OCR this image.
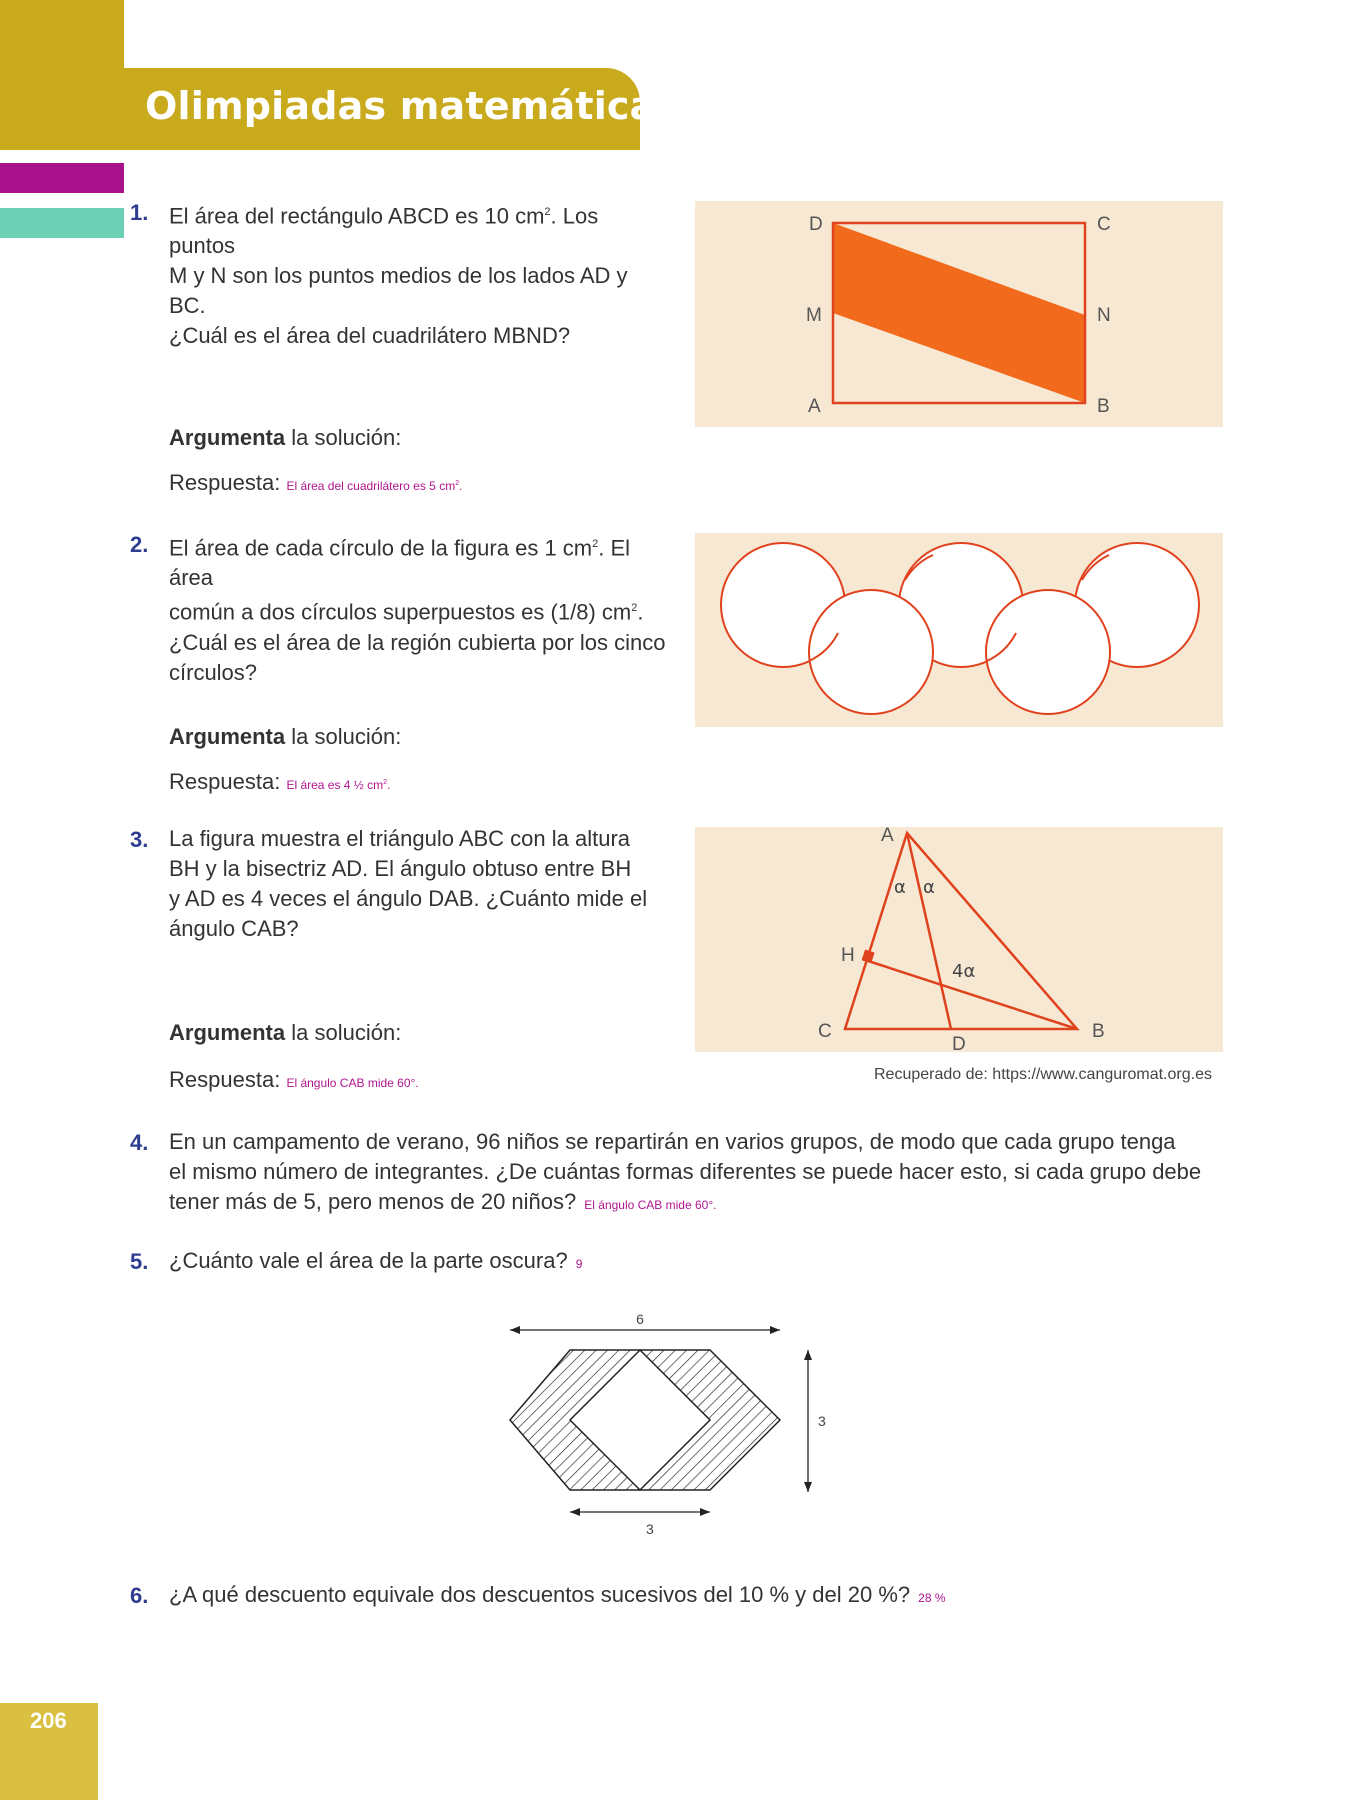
Olimpiadas matemáticas
1. El área del rectángulo ABCD es 10 $cm^2$. Los puntos
M y N son los puntos medios de los lados AD y BC.
¿Cuál es el área del cuadrilátero MBND?
D	C
M	N
A	B
Argumenta la solución:
Respuesta: El área del cuadrilátero es 5 $cm^2$.
2. El área de cada círculo de la figura es 1 $cm^2$. El área
común a dos círculos superpuestos es (1/8) $cm^2$.
¿Cuál es el área de la región cubierta por los cinco
círculos?
Argumenta la solución:
Respuesta: El área es 4 ½ $cm^2$.
3. La figura muestra el triángulo ABC con la altura
BH y la bisectriz AD. El ángulo obtuso entre BH
y AD es 4 veces el ángulo DAB. ¿Cuánto mide el
ángulo CAB?
A
α α
H
4α
C	B
D
Argumenta la solución:
Respuesta: El ángulo CAB mide 60°.	Recuperado de: https://www.canguromat.org.es
4. En un campamento de verano, 96 niños se repartirán en varios grupos, de modo que cada grupo tenga
el mismo número de integrantes. ¿De cuántas formas diferentes se puede hacer esto, si cada grupo debe
tener más de 5, pero menos de 20 niños? El ángulo CAB mide 60°.
5. ¿Cuánto vale el área de la parte oscura? 9
6
3
3
6. ¿A qué descuento equivale dos descuentos sucesivos del 10 % y del 20 %? 28 %
206
